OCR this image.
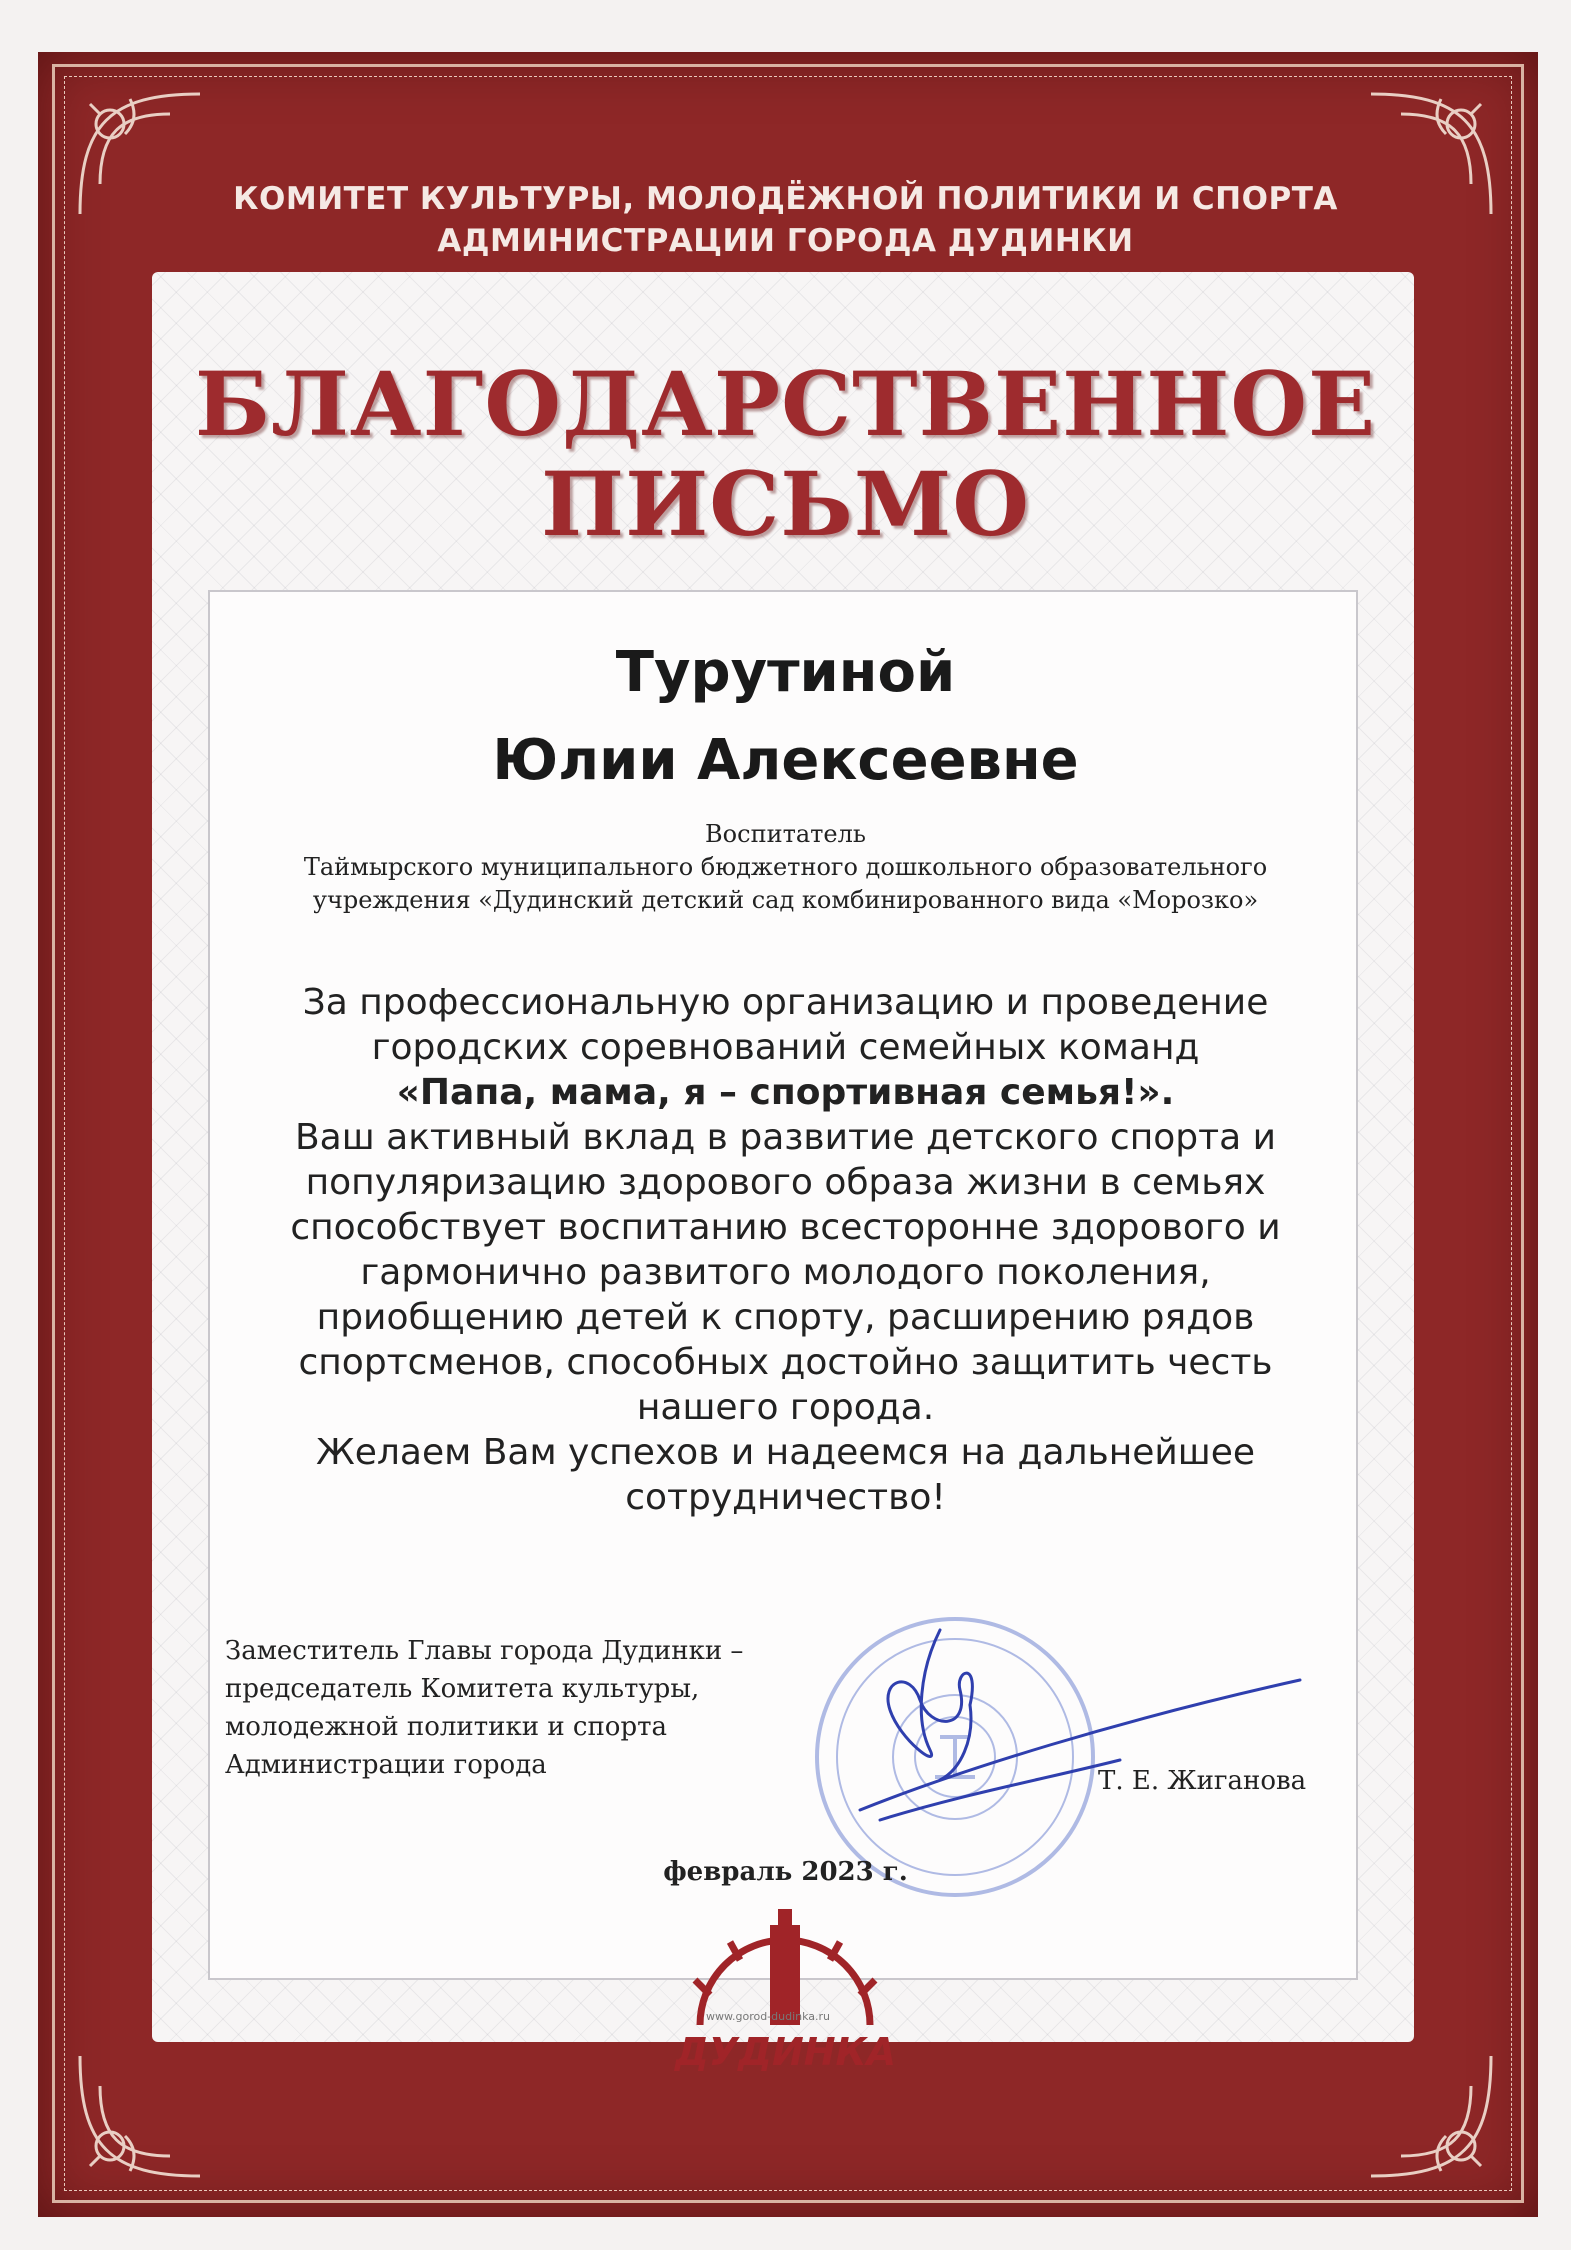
КОМИТЕТ КУЛЬТУРЫ, МОЛОДЁЖНОЙ ПОЛИТИКИ И СПОРТА
АДМИНИСТРАЦИИ ГОРОДА ДУДИНКИ
БЛАГОДАРСТВЕННОЕ
ПИСЬМО
Турутиной
Юлии Алексеевне
Воспитатель
Таймырского муниципального бюджетного дошкольного образовательного
учреждения «Дудинский детский сад комбинированного вида «Морозко»
За профессиональную организацию и проведение
городских соревнований семейных команд
«Папа, мама, я – спортивная семья!».
Ваш активный вклад в развитие детского спорта и
популяризацию здорового образа жизни в семьях
способствует воспитанию всесторонне здорового и
гармонично развитого молодого поколения,
приобщению детей к спорту, расширению рядов
спортсменов, способных достойно защитить честь
нашего города.
Желаем Вам успехов и надеемся на дальнейшее
сотрудничество!
Заместитель Главы города Дудинки –
председатель Комитета культуры,
молодежной политики и спорта
Администрации города
Т. Е. Жиганова
февраль 2023 г.
www.gorod-dudinka.ru
ДУДИНКА
